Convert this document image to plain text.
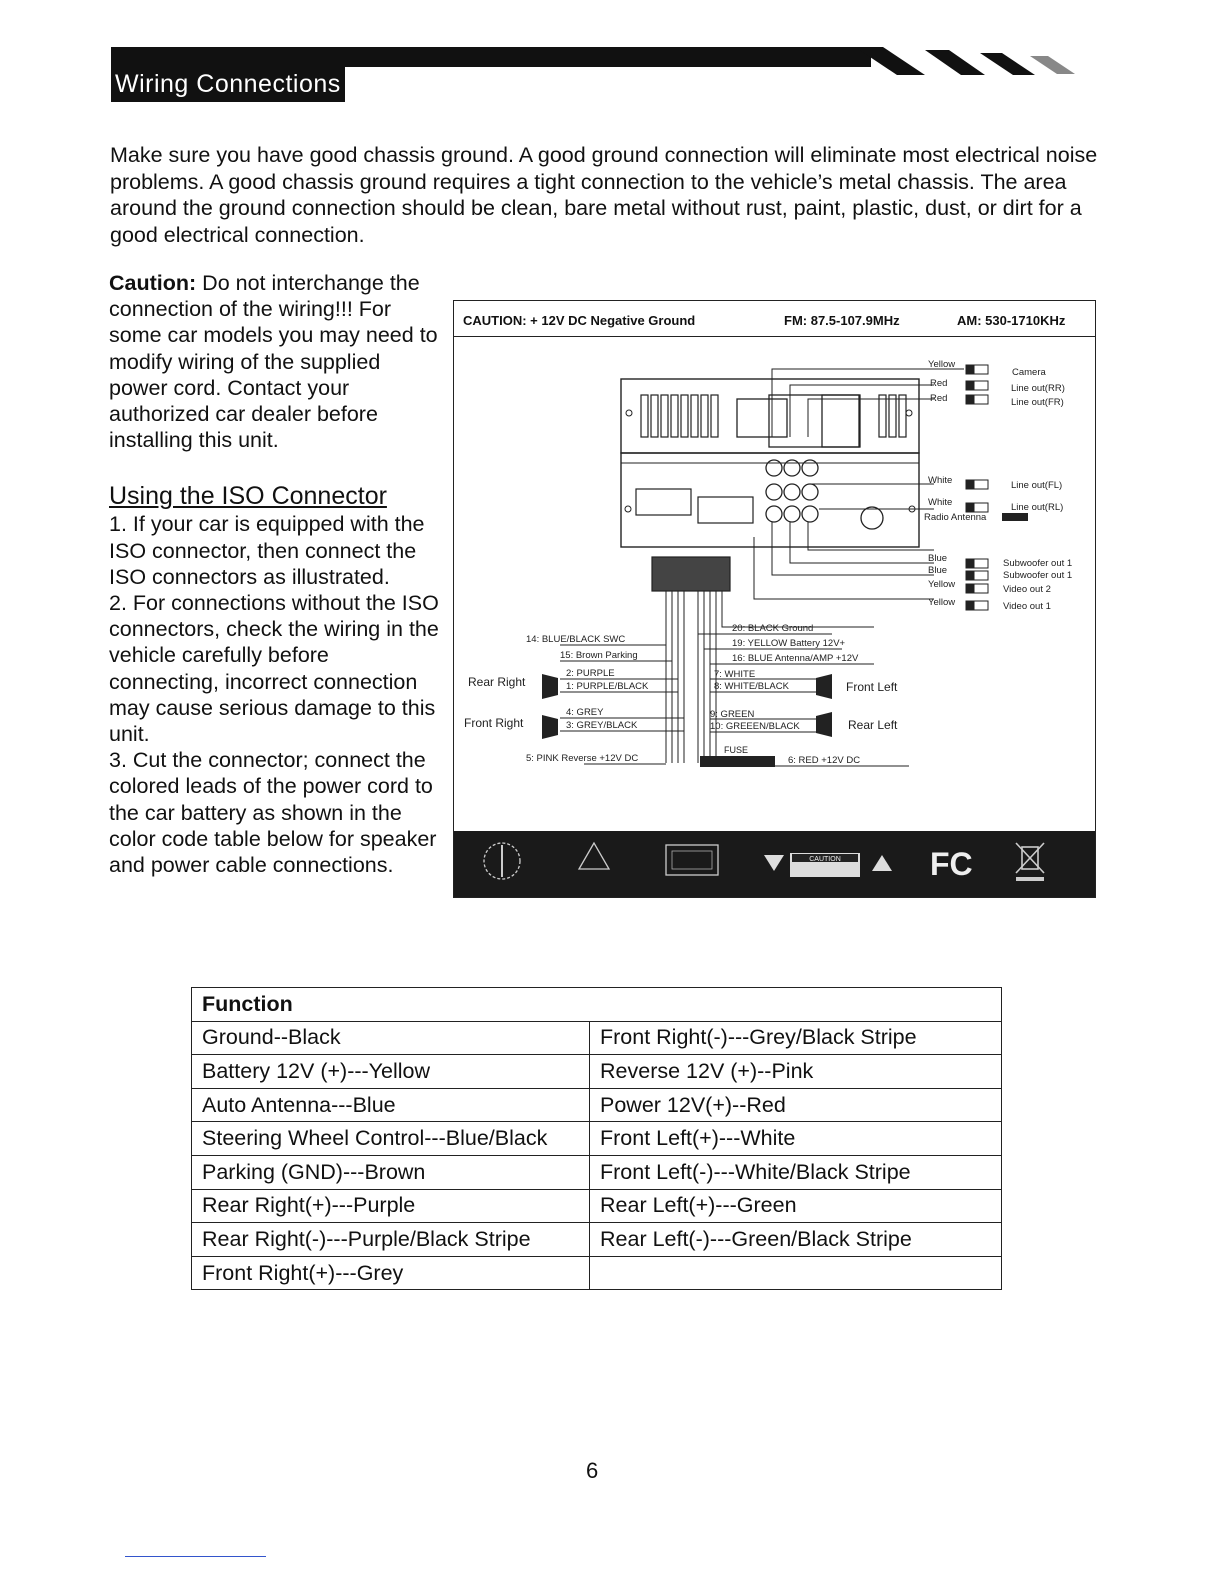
Wiring Connections

Make sure you have good chassis ground. A good ground connection will eliminate most electrical noise problems. A good chassis ground requires a tight connection to the vehicle’s metal chassis. The area around the ground connection should be clean, bare metal without rust, paint, plastic, dust, or dirt for a good electrical connection.

Caution: Do not interchange the connection of the wiring!!! For some car models you may need to modify wiring of the supplied power cord. Contact your authorized car dealer before installing this unit.

Using the ISO Connector

1. If your car is equipped with the ISO connector, then connect the ISO connectors as illustrated.

2. For connections without the ISO connectors, check the wiring in the vehicle carefully before connecting, incorrect connection may cause serious damage to this unit.

3. Cut the connector; connect the colored leads of the power cord to the car battery as shown in the color code table below for speaker and power cable connections.

CAUTION: + 12V DC Negative Ground	FM: 87.5-107.9MHz	AM: 530-1710KHz
Yellow
Red
Red
White
White
Blue
Blue
Yellow
Yellow
Radio Antenna
Camera
Line out(RR)
Line out(FR)
Line out(FL)
Line out(RL)
Subwoofer out 1
Subwoofer out 1
Video out 2
Video out 1
14: BLUE/BLACK SWC
15: Brown Parking
2: PURPLE
1: PURPLE/BLACK
4: GREY
3: GREY/BLACK
5: PINK Reverse +12V DC
Rear Right
Front Right
20: BLACK Ground
19: YELLOW Battery 12V+
16: BLUE Antenna/AMP +12V
7: WHITE
8: WHITE/BLACK
9: GREEN
10: GREEEN/BLACK
6: RED +12V DC
Front Left
Rear Left
FUSE
CAUTION	FC
Function	
Ground--Black	Front Right(-)---Grey/Black Stripe
Battery 12V (+)---Yellow	Reverse 12V (+)--Pink
Auto Antenna---Blue	Power 12V(+)--Red
Steering Wheel Control---Blue/Black	Front Left(+)---White
Parking (GND)---Brown	Front Left(-)---White/Black Stripe
Rear Right(+)---Purple	Rear Left(+)---Green
Rear Right(-)---Purple/Black Stripe	Rear Left(-)---Green/Black Stripe
Front Right(+)---Grey	
6
